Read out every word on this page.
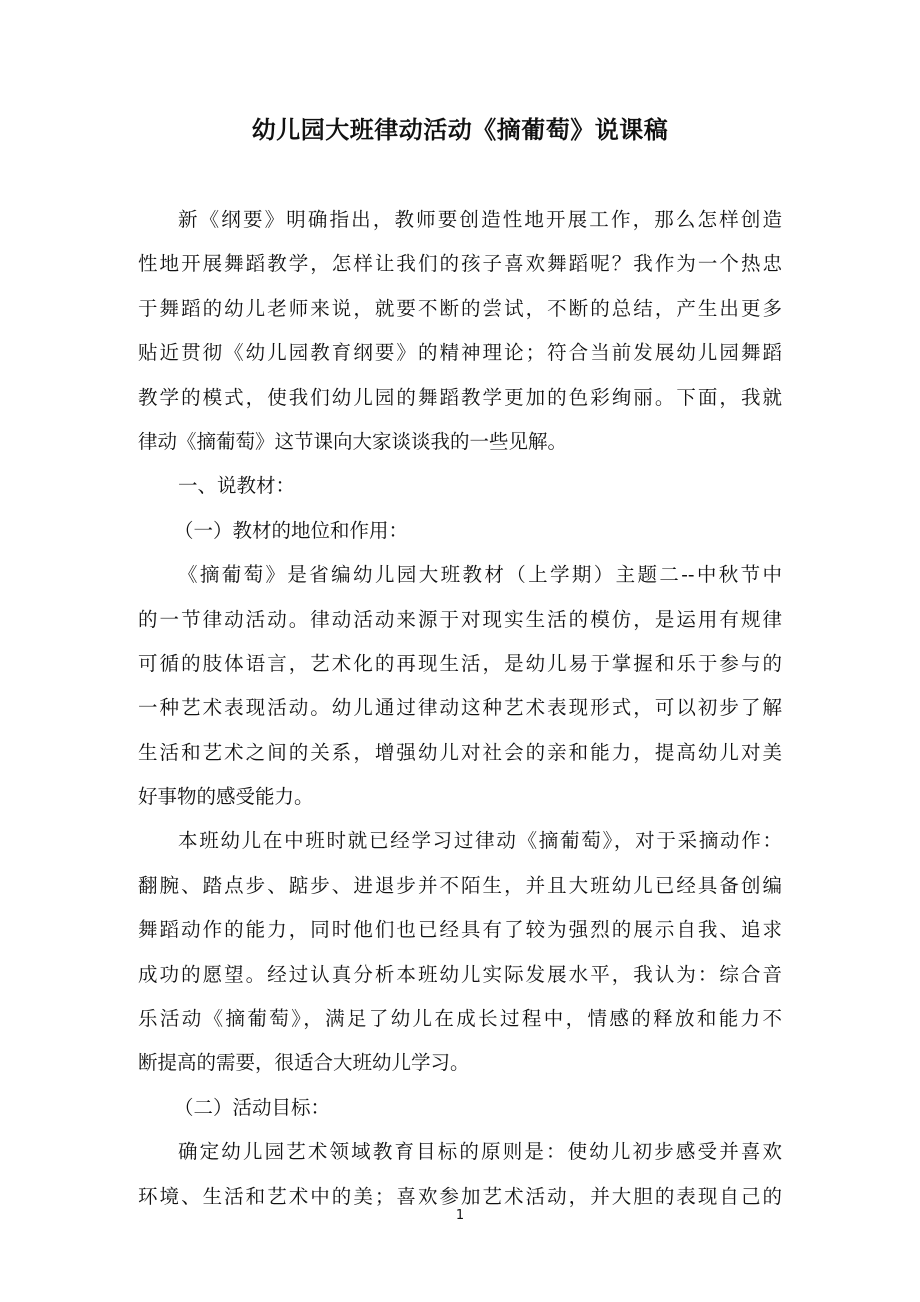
幼儿园大班律动活动《摘葡萄》说课稿
新《纲要》明确指出，教师要创造性地开展工作，那么怎样创造
性地开展舞蹈教学，怎样让我们的孩子喜欢舞蹈呢？我作为一个热忠
于舞蹈的幼儿老师来说，就要不断的尝试，不断的总结，产生出更多
贴近贯彻《幼儿园教育纲要》的精神理论；符合当前发展幼儿园舞蹈
教学的模式，使我们幼儿园的舞蹈教学更加的色彩绚丽。下面，我就
律动《摘葡萄》这节课向大家谈谈我的一些见解。
一、说教材：
（一）教材的地位和作用：
《摘葡萄》是省编幼儿园大班教材（上学期）主题二--中秋节中
的一节律动活动。律动活动来源于对现实生活的模仿，是运用有规律
可循的肢体语言，艺术化的再现生活，是幼儿易于掌握和乐于参与的
一种艺术表现活动。幼儿通过律动这种艺术表现形式，可以初步了解
生活和艺术之间的关系，增强幼儿对社会的亲和能力，提高幼儿对美
好事物的感受能力。
本班幼儿在中班时就已经学习过律动《摘葡萄》，对于采摘动作：
翻腕、踏点步、踮步、进退步并不陌生，并且大班幼儿已经具备创编
舞蹈动作的能力，同时他们也已经具有了较为强烈的展示自我、追求
成功的愿望。经过认真分析本班幼儿实际发展水平，我认为：综合音
乐活动《摘葡萄》，满足了幼儿在成长过程中，情感的释放和能力不
断提高的需要，很适合大班幼儿学习。
（二）活动目标：
确定幼儿园艺术领域教育目标的原则是：使幼儿初步感受并喜欢
环境、生活和艺术中的美；喜欢参加艺术活动，并大胆的表现自己的
1
